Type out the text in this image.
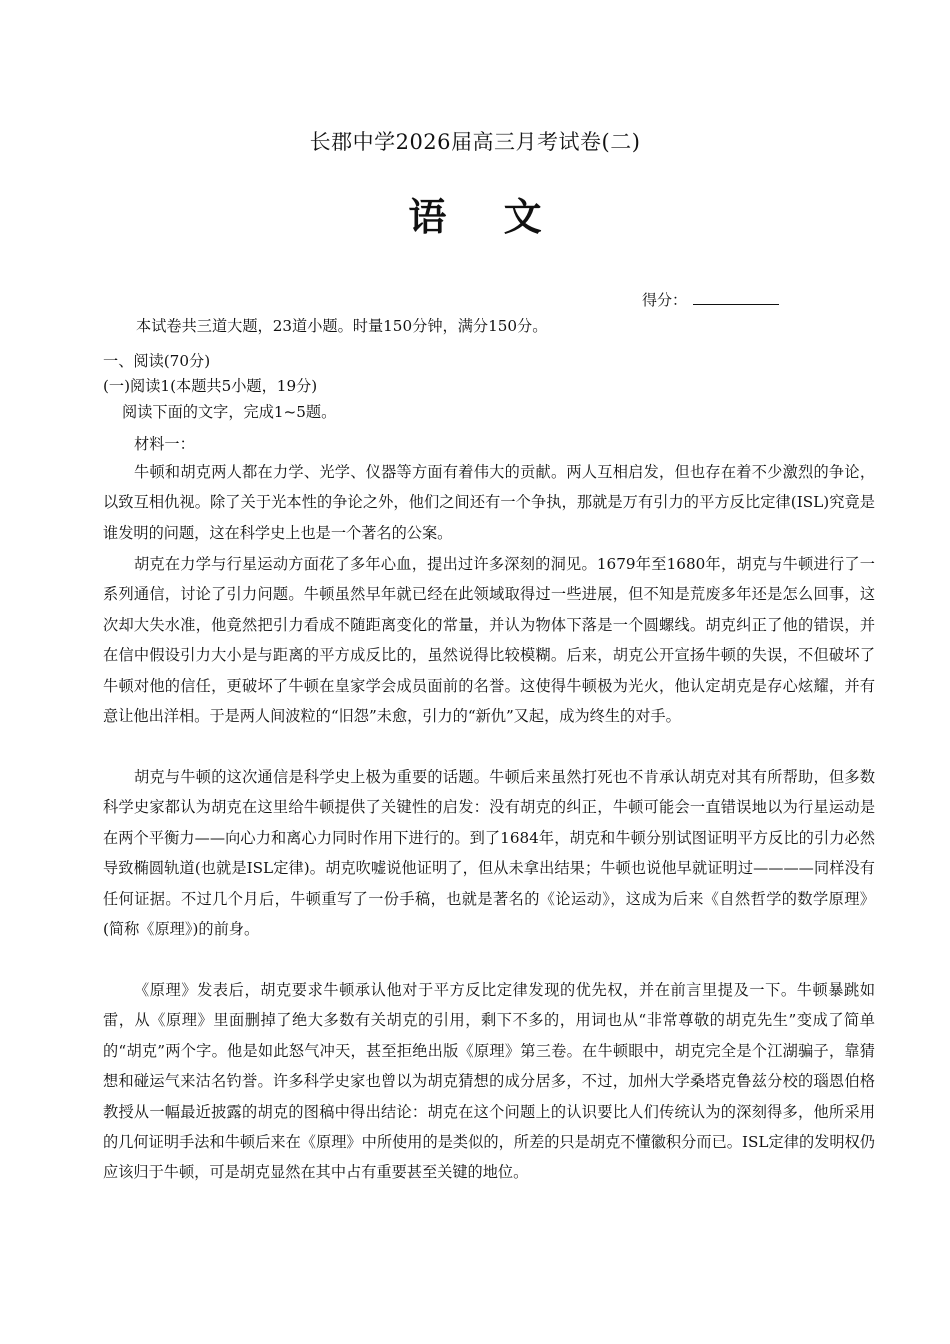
长郡中学2026届高三月考试卷(二)
语 文
得分：
本试卷共三道大题，23道小题。时量150分钟，满分150分。
一、阅读(70分)
(一)阅读1(本题共5小题，19分)
阅读下面的文字，完成1~5题。
材料一：

牛顿和胡克两人都在力学、光学、仪器等方面有着伟大的贡献。两人互相启发，但也存在着不少激烈的争论，以致互相仇视。除了关于光本性的争论之外，他们之间还有一个争执，那就是万有引力的平方反比定律(ISL)究竟是谁发明的问题，这在科学史上也是一个著名的公案。

胡克在力学与行星运动方面花了多年心血，提出过许多深刻的洞见。1679年至1680年，胡克与牛顿进行了一系列通信，讨论了引力问题。牛顿虽然早年就已经在此领域取得过一些进展，但不知是荒废多年还是怎么回事，这次却大失水准，他竟然把引力看成不随距离变化的常量，并认为物体下落是一个圆螺线。胡克纠正了他的错误，并在信中假设引力大小是与距离的平方成反比的，虽然说得比较模糊。后来，胡克公开宣扬牛顿的失误，不但破坏了牛顿对他的信任，更破坏了牛顿在皇家学会成员面前的名誉。这使得牛顿极为光火，他认定胡克是存心炫耀，并有意让他出洋相。于是两人间波粒的“旧怨”未愈，引力的“新仇”又起，成为终生的对手。

胡克与牛顿的这次通信是科学史上极为重要的话题。牛顿后来虽然打死也不肯承认胡克对其有所帮助，但多数科学史家都认为胡克在这里给牛顿提供了关键性的启发：没有胡克的纠正，牛顿可能会一直错误地以为行星运动是在两个平衡力——向心力和离心力同时作用下进行的。到了1684年，胡克和牛顿分别试图证明平方反比的引力必然导致椭圆轨道(也就是ISL定律)。胡克吹嘘说他证明了，但从未拿出结果；牛顿也说他早就证明过————同样没有任何证据。不过几个月后，牛顿重写了一份手稿，也就是著名的《论运动》，这成为后来《自然哲学的数学原理》(简称《原理》)的前身。

《原理》发表后，胡克要求牛顿承认他对于平方反比定律发现的优先权，并在前言里提及一下。牛顿暴跳如雷，从《原理》里面删掉了绝大多数有关胡克的引用，剩下不多的，用词也从“非常尊敬的胡克先生”变成了简单的“胡克”两个字。他是如此怒气冲天，甚至拒绝出版《原理》第三卷。在牛顿眼中，胡克完全是个江湖骗子，靠猜想和碰运气来沽名钓誉。许多科学史家也曾以为胡克猜想的成分居多，不过，加州大学桑塔克鲁兹分校的瑙恩伯格教授从一幅最近披露的胡克的图稿中得出结论：胡克在这个问题上的认识要比人们传统认为的深刻得多，他所采用的几何证明手法和牛顿后来在《原理》中所使用的是类似的，所差的只是胡克不懂徽积分而已。ISL定律的发明权仍应该归于牛顿，可是胡克显然在其中占有重要甚至关键的地位。
